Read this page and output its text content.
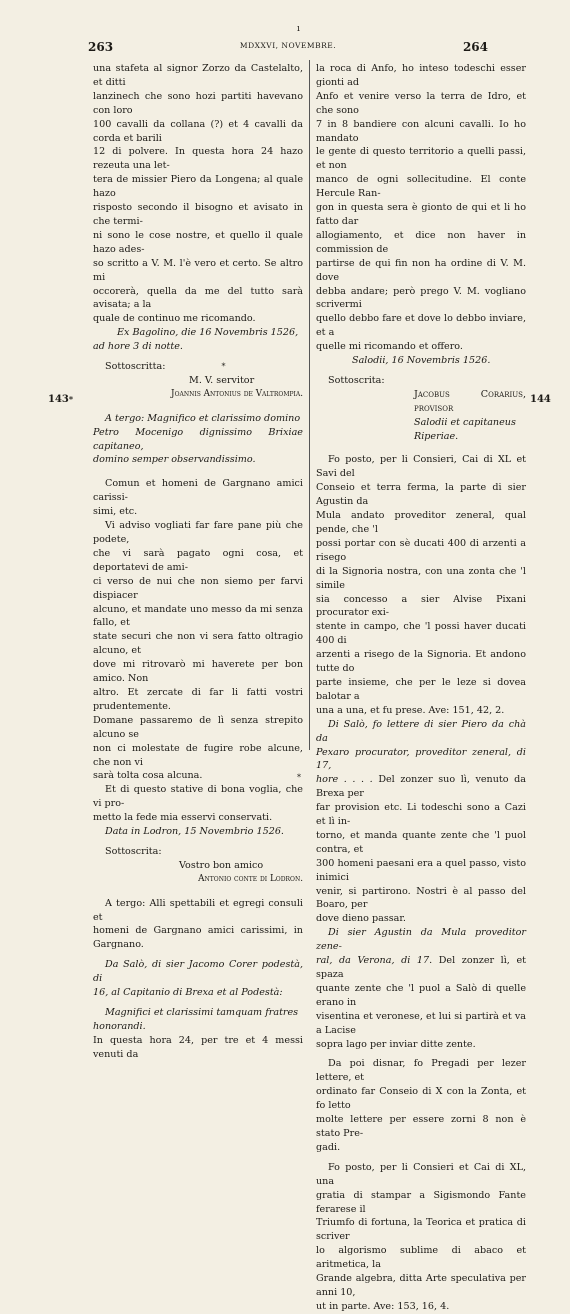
ı
263	MDXXVI, NOVEMBRE.	264
143*	144

una stafeta al signor Zorzo da Castelalto, et ditti

lanzinech che sono hozi partiti havevano con loro

100 cavalli da collana (?) et 4 cavalli da corda et barili

12 di polvere. In questa hora 24 hazo rezeuta una let-

tera de missier Piero da Longena; al quale hazo

risposto secondo il bisogno et avisato in che termi-

ni sono le cose nostre, et quello il quale hazo ades-

so scritto a V. M. l'è vero et certo. Se altro mi

occorerà, quella da me del tutto sarà avisata; a la

quale de continuo me ricomando.

Ex Bagolino, die 16 Novembris 1526,

ad hore 3 di notte.

Sottoscritta:	*

M. V. servitor

Joannis Antonius de Valtrompia.

A tergo: Magnifico et clarissimo domino

Petro Mocenigo dignissimo Brixiae capitaneo,

domino semper observandissimo.

Comun et homeni de Gargnano amici carissi-

simi, etc.

Vi adviso vogliati far fare pane più che podete,

che vi sarà pagato ogni cosa, et deportatevi de ami-

ci verso de nui che non siemo per farvi dispiacer

alcuno, et mandate uno messo da mi senza fallo, et

state securi che non vi sera fatto oltragio alcuno, et

dove mi ritrovarò mi haverete per bon amico. Non

altro. Et zercate di far li fatti vostri prudentemente.

Domane passaremo de lì senza strepito alcuno se

non ci molestate de fugire robe alcune, che non vi

sarà tolta cosa alcuna.

Et di questo stative di bona voglia, che vi pro-

metto la fede mia esservi conservati.

Data in Lodron, 15 Novembrio 1526.

Sottoscrita:

Vostro bon amico

Antonio conte di Lodron.

A tergo: Alli spettabili et egregi consuli et

homeni de Gargnano amici carissimi, in Gargnano.

Da Salò, di sier Jacomo Corer podestà, di

16, al Capitanio di Brexa et al Podestà:

Magnifici et clarissimi tamquam fratres

honorandi.

In questa hora 24, per tre et 4 messi venuti da

la roca di Anfo, ho inteso todeschi esser gionti ad

Anfo et venire verso la terra de Idro, et che sono

7 in 8 bandiere con alcuni cavalli. Io ho mandato

le gente di questo territorio a quelli passi, et non

manco de ogni sollecitudine. El conte Hercule Ran-

gon in questa sera è gionto de qui et li ho fatto dar

allogiamento, et dice non haver in commission de

partirse de qui fin non ha ordine di V. M. dove

debba andare; però prego V. M. vogliano scrivermi

quello debbo fare et dove lo debbo inviare, et a

quelle mi ricomando et offero.

Salodii, 16 Novembris 1526.

Sottoscrita:

Jacobus Corarius, provisor

Salodii et capitaneus

Riperiae.

Fo posto, per li Consieri, Cai di XL et Savi del

Conseio et terra ferma, la parte di sier Agustin da

Mula andato proveditor zeneral, qual pende, che 'l

possi portar con sè ducati 400 di arzenti a risego

di la Signoria nostra, con una zonta che 'l simile

sia concesso a sier Alvise Pixani procurator exi-

stente in campo, che 'l possi haver ducati 400 di

arzenti a risego de la Signoria. Et andono tutte do

parte insieme, che per le leze si dovea balotar a

una a una, et fu prese. Ave: 151, 42, 2.

Di Salò, fo lettere di sier Piero da chà da

Pexaro procurator, proveditor zeneral, di 17,

hore . . . . Del zonzer suo lì, venuto da Brexa per

far provision etc. Li todeschi sono a Cazi et lì in-

torno, et manda quante zente che 'l puol contra, et

300 homeni paesani era a quel passo, visto inimici

venir, si partirono. Nostri è al passo del Boaro, per

dove dieno passar.

Di sier Agustin da Mula proveditor zene-

ral, da Verona, di 17. Del zonzer lì, et spaza

quante zente che 'l puol a Salò di quelle erano in

visentina et veronese, et lui si partirà et va a Lacise

sopra lago per inviar ditte zente.

Da poi disnar, fo Pregadi per lezer lettere, et

ordinato far Conseio di X con la Zonta, et fo letto

molte lettere per essere zorni 8 non è stato Pre-

gadi.

Fo posto, per li Consieri et Cai di XL, una

gratia di stampar a Sigismondo Fante ferarese il

Triumfo di fortuna, la Teorica et pratica di scriver

lo algorismo sublime di abaco et aritmetica, la

Grande algebra, ditta Arte speculativa per anni 10,

ut in parte. Ave: 153, 16, 4.

*
